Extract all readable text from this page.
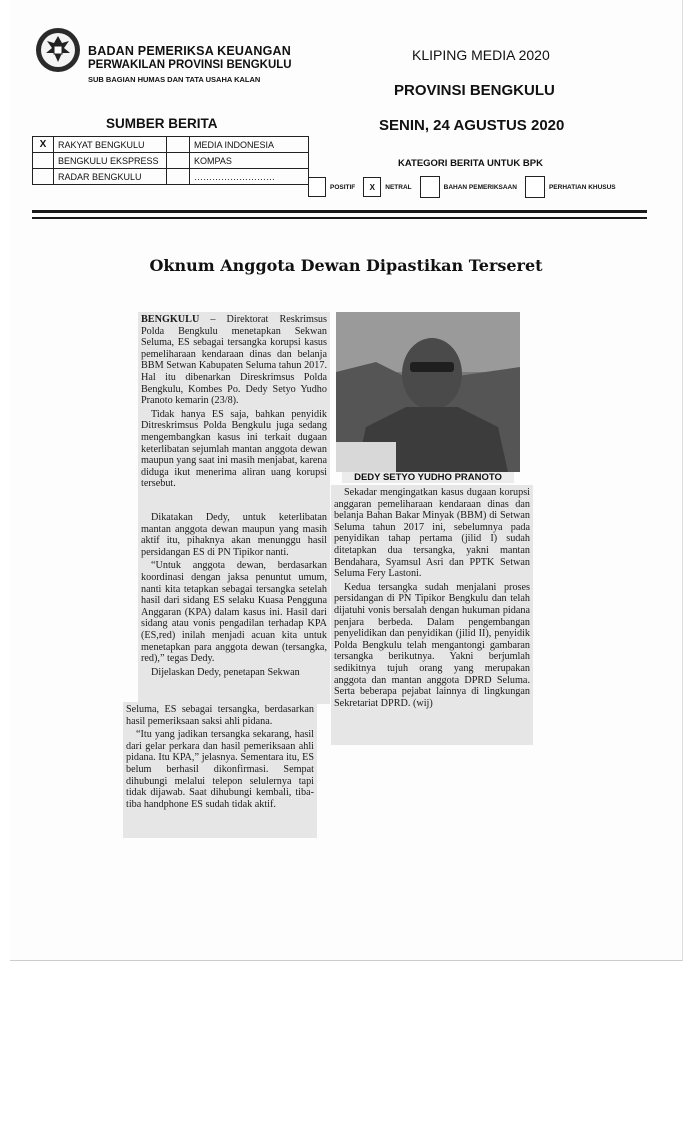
BADAN PEMERIKSA KEUANGAN
PERWAKILAN PROVINSI BENGKULU
SUB BAGIAN HUMAS DAN TATA USAHA KALAN
KLIPING MEDIA 2020
PROVINSI BENGKULU
SUMBER BERITA	SENIN, 24 AGUSTUS 2020
X	RAKYAT BENGKULU		MEDIA INDONESIA
	BENGKULU EKSPRESS		KOMPAS
	RADAR BENGKULU		………………………
KATEGORI BERITA UNTUK BPK
POSITIF	X	NETRAL	BAHAN PEMERIKSAAN	PERHATIAN KHUSUS
Oknum Anggota Dewan Dipastikan Terseret

BENGKULU – Direktorat Reskrimsus Polda Bengkulu menetapkan Sekwan Seluma, ES sebagai tersangka korupsi kasus pemeliharaan kendaraan dinas dan belanja BBM Setwan Kabupaten Seluma tahun 2017. Hal itu dibenarkan Direskrimsus Polda Bengkulu, Kombes Po. Dedy Setyo Yudho Pranoto kemarin (23/8).

Tidak hanya ES saja, bahkan penyidik Ditreskrimsus Polda Bengkulu juga sedang mengembangkan kasus ini terkait dugaan keterlibatan sejumlah mantan anggota dewan maupun yang saat ini masih menjabat, karena diduga ikut menerima aliran uang korupsi tersebut.

Dikatakan Dedy, untuk keterlibatan mantan anggota dewan maupun yang masih aktif itu, pihaknya akan menunggu hasil persidangan ES di PN Tipikor nanti.

“Untuk anggota dewan, berdasarkan koordinasi dengan jaksa penuntut umum, nanti kita tetapkan sebagai tersangka setelah hasil dari sidang ES selaku Kuasa Pengguna Anggaran (KPA) dalam kasus ini. Hasil dari sidang atau vonis pengadilan terhadap KPA (ES,red) inilah menjadi acuan kita untuk menetapkan para anggota dewan (tersangka, red),” tegas Dedy.

Dijelaskan Dedy, penetapan Sekwan

Seluma, ES sebagai tersangka, berdasarkan hasil pemeriksaan saksi ahli pidana.

“Itu yang jadikan tersangka sekarang, hasil dari gelar perkara dan hasil pemeriksaan ahli pidana. Itu KPA,” jelasnya. Sementara itu, ES belum berhasil dikonfirmasi. Sempat dihubungi melalui telepon selulernya tapi tidak dijawab. Saat dihubungi kembali, tiba-tiba handphone ES sudah tidak aktif.

DEDY SETYO YUDHO PRANOTO

Sekadar mengingatkan kasus dugaan korupsi anggaran pemeliharaan kendaraan dinas dan belanja Bahan Bakar Minyak (BBM) di Setwan Seluma tahun 2017 ini, sebelumnya pada penyidikan tahap pertama (jilid I) sudah ditetapkan dua tersangka, yakni mantan Bendahara, Syamsul Asri dan PPTK Setwan Seluma Fery Lastoni.

Kedua tersangka sudah menjalani proses persidangan di PN Tipikor Bengkulu dan telah dijatuhi vonis bersalah dengan hukuman pidana penjara berbeda. Dalam pengembangan penyelidikan dan penyidikan (jilid II), penyidik Polda Bengkulu telah mengantongi gambaran tersangka berikutnya. Yakni berjumlah sedikitnya tujuh orang yang merupakan anggota dan mantan anggota DPRD Seluma. Serta beberapa pejabat lainnya di lingkungan Sekretariat DPRD. (wij)
